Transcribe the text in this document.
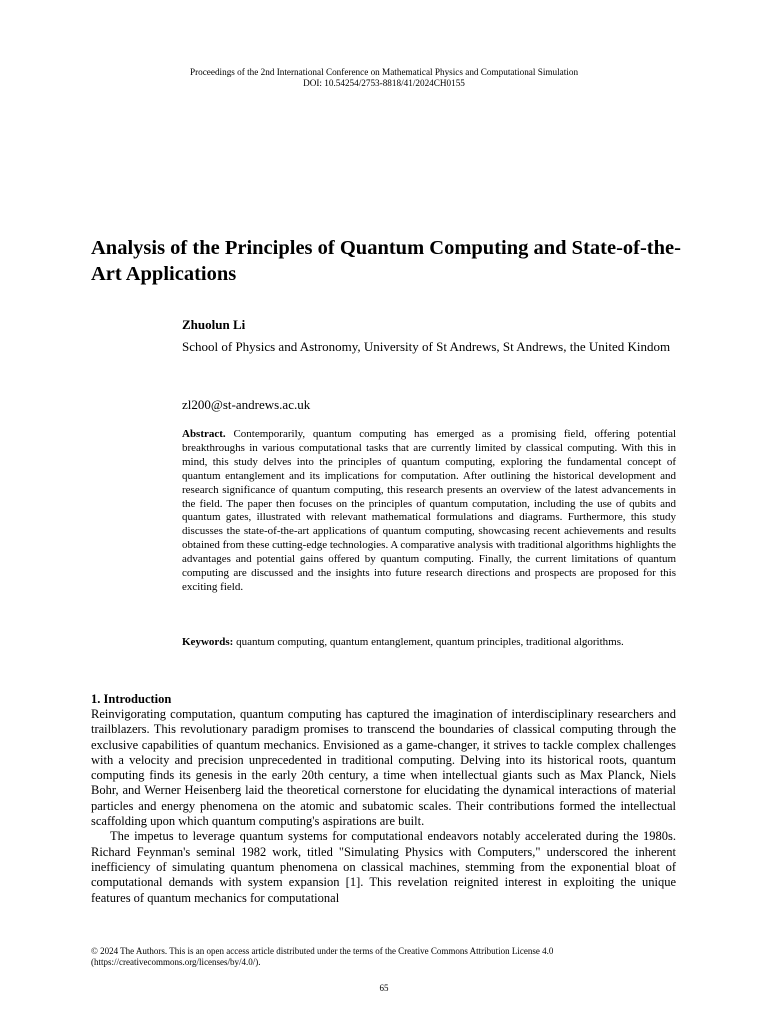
Proceedings of the 2nd International Conference on Mathematical Physics and Computational Simulation
DOI: 10.54254/2753-8818/41/2024CH0155
Analysis of the Principles of Quantum Computing and State-of-the-Art Applications
Zhuolun Li
School of Physics and Astronomy, University of St Andrews, St Andrews, the United Kindom
zl200@st-andrews.ac.uk

Abstract. Contemporarily, quantum computing has emerged as a promising field, offering potential breakthroughs in various computational tasks that are currently limited by classical computing. With this in mind, this study delves into the principles of quantum computing, exploring the fundamental concept of quantum entanglement and its implications for computation. After outlining the historical development and research significance of quantum computing, this research presents an overview of the latest advancements in the field. The paper then focuses on the principles of quantum computation, including the use of qubits and quantum gates, illustrated with relevant mathematical formulations and diagrams. Furthermore, this study discusses the state-of-the-art applications of quantum computing, showcasing recent achievements and results obtained from these cutting-edge technologies. A comparative analysis with traditional algorithms highlights the advantages and potential gains offered by quantum computing. Finally, the current limitations of quantum computing are discussed and the insights into future research directions and prospects are proposed for this exciting field.

Keywords: quantum computing, quantum entanglement, quantum principles, traditional algorithms.

1. Introduction

Reinvigorating computation, quantum computing has captured the imagination of interdisciplinary researchers and trailblazers. This revolutionary paradigm promises to transcend the boundaries of classical computing through the exclusive capabilities of quantum mechanics. Envisioned as a game-changer, it strives to tackle complex challenges with a velocity and precision unprecedented in traditional computing. Delving into its historical roots, quantum computing finds its genesis in the early 20th century, a time when intellectual giants such as Max Planck, Niels Bohr, and Werner Heisenberg laid the theoretical cornerstone for elucidating the dynamical interactions of material particles and energy phenomena on the atomic and subatomic scales. Their contributions formed the intellectual scaffolding upon which quantum computing's aspirations are built.

The impetus to leverage quantum systems for computational endeavors notably accelerated during the 1980s. Richard Feynman's seminal 1982 work, titled "Simulating Physics with Computers," underscored the inherent inefficiency of simulating quantum phenomena on classical machines, stemming from the exponential bloat of computational demands with system expansion [1]. This revelation reignited interest in exploiting the unique features of quantum mechanics for computational

© 2024 The Authors. This is an open access article distributed under the terms of the Creative Commons Attribution License 4.0
(https://creativecommons.org/licenses/by/4.0/).
65
